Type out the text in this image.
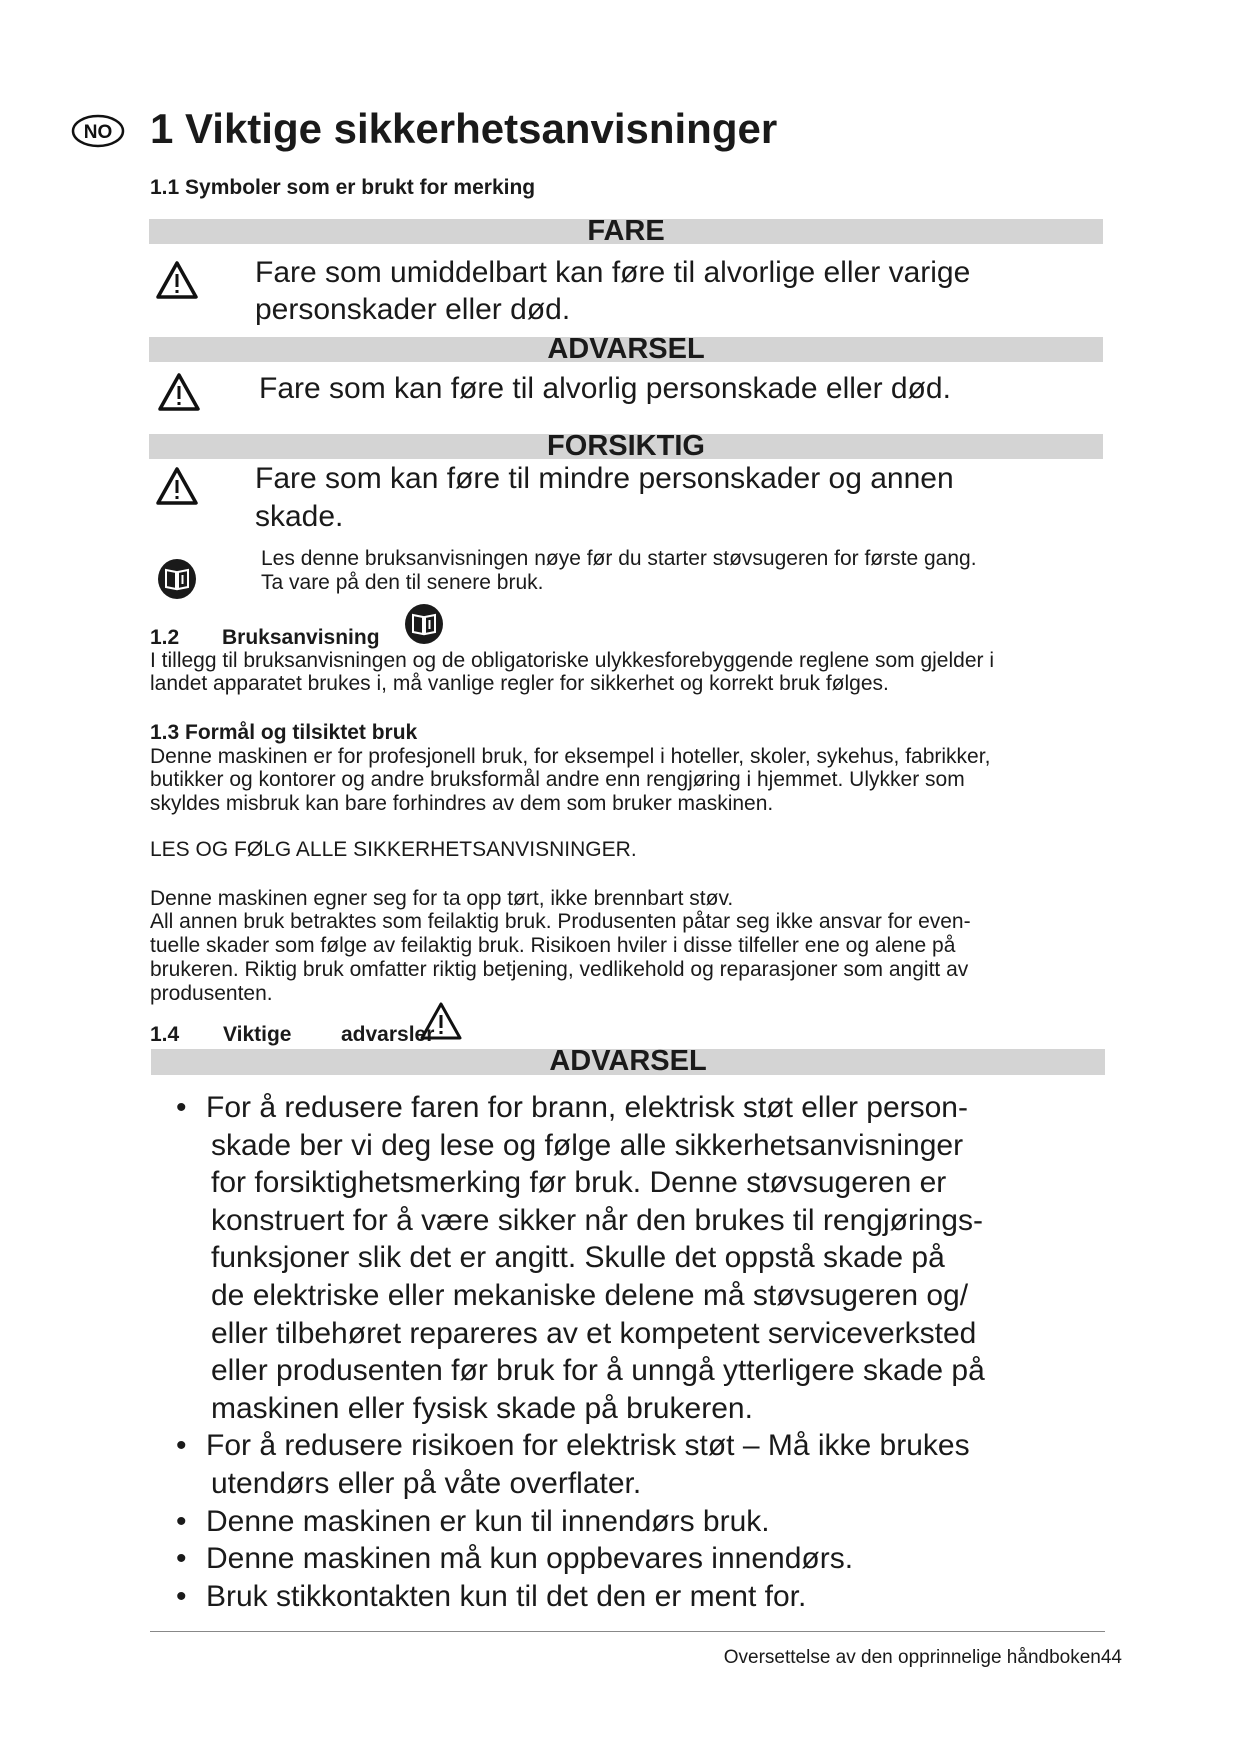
NO 1 Viktige sikkerhetsanvisninger
1.1 Symboler som er brukt for merking
FARE
Fare som umiddelbart kan føre til alvorlige eller varige
personskader eller død.
ADVARSEL
Fare som kan føre til alvorlig personskade eller død.
FORSIKTIG
Fare som kan føre til mindre personskader og annen
skade.
Les denne bruksanvisningen nøye før du starter støvsugeren for første gang.
Ta vare på den til senere bruk.
1.2 Bruksanvisning
I tillegg til bruksanvisningen og de obligatoriske ulykkesforebyggende reglene som gjelder i
landet apparatet brukes i, må vanlige regler for sikkerhet og korrekt bruk følges.
1.3 Formål og tilsiktet bruk
Denne maskinen er for profesjonell bruk, for eksempel i hoteller, skoler, sykehus, fabrikker,
butikker og kontorer og andre bruksformål andre enn rengjøring i hjemmet. Ulykker som
skyldes misbruk kan bare forhindres av dem som bruker maskinen.
LES OG FØLG ALLE SIKKERHETSANVISNINGER.
Denne maskinen egner seg for ta opp tørt, ikke brennbart støv.
All annen bruk betraktes som feilaktig bruk. Produsenten påtar seg ikke ansvar for even-
tuelle skader som følge av feilaktig bruk. Risikoen hviler i disse tilfeller ene og alene på
brukeren. Riktig bruk omfatter riktig betjening, vedlikehold og reparasjoner som angitt av
produsenten.
1.4 Viktige advarsler
ADVARSEL
• For å redusere faren for brann, elektrisk støt eller person-
skade ber vi deg lese og følge alle sikkerhetsanvisninger
for forsiktighetsmerking før bruk. Denne støvsugeren er
konstruert for å være sikker når den brukes til rengjørings-
funksjoner slik det er angitt. Skulle det oppstå skade på
de elektriske eller mekaniske delene må støvsugeren og/
eller tilbehøret repareres av et kompetent serviceverksted
eller produsenten før bruk for å unngå ytterligere skade på
maskinen eller fysisk skade på brukeren.
• For å redusere risikoen for elektrisk støt – Må ikke brukes
utendørs eller på våte overflater.
• Denne maskinen er kun til innendørs bruk.
• Denne maskinen må kun oppbevares innendørs.
• Bruk stikkontakten kun til det den er ment for.
Oversettelse av den opprinnelige håndboken44
